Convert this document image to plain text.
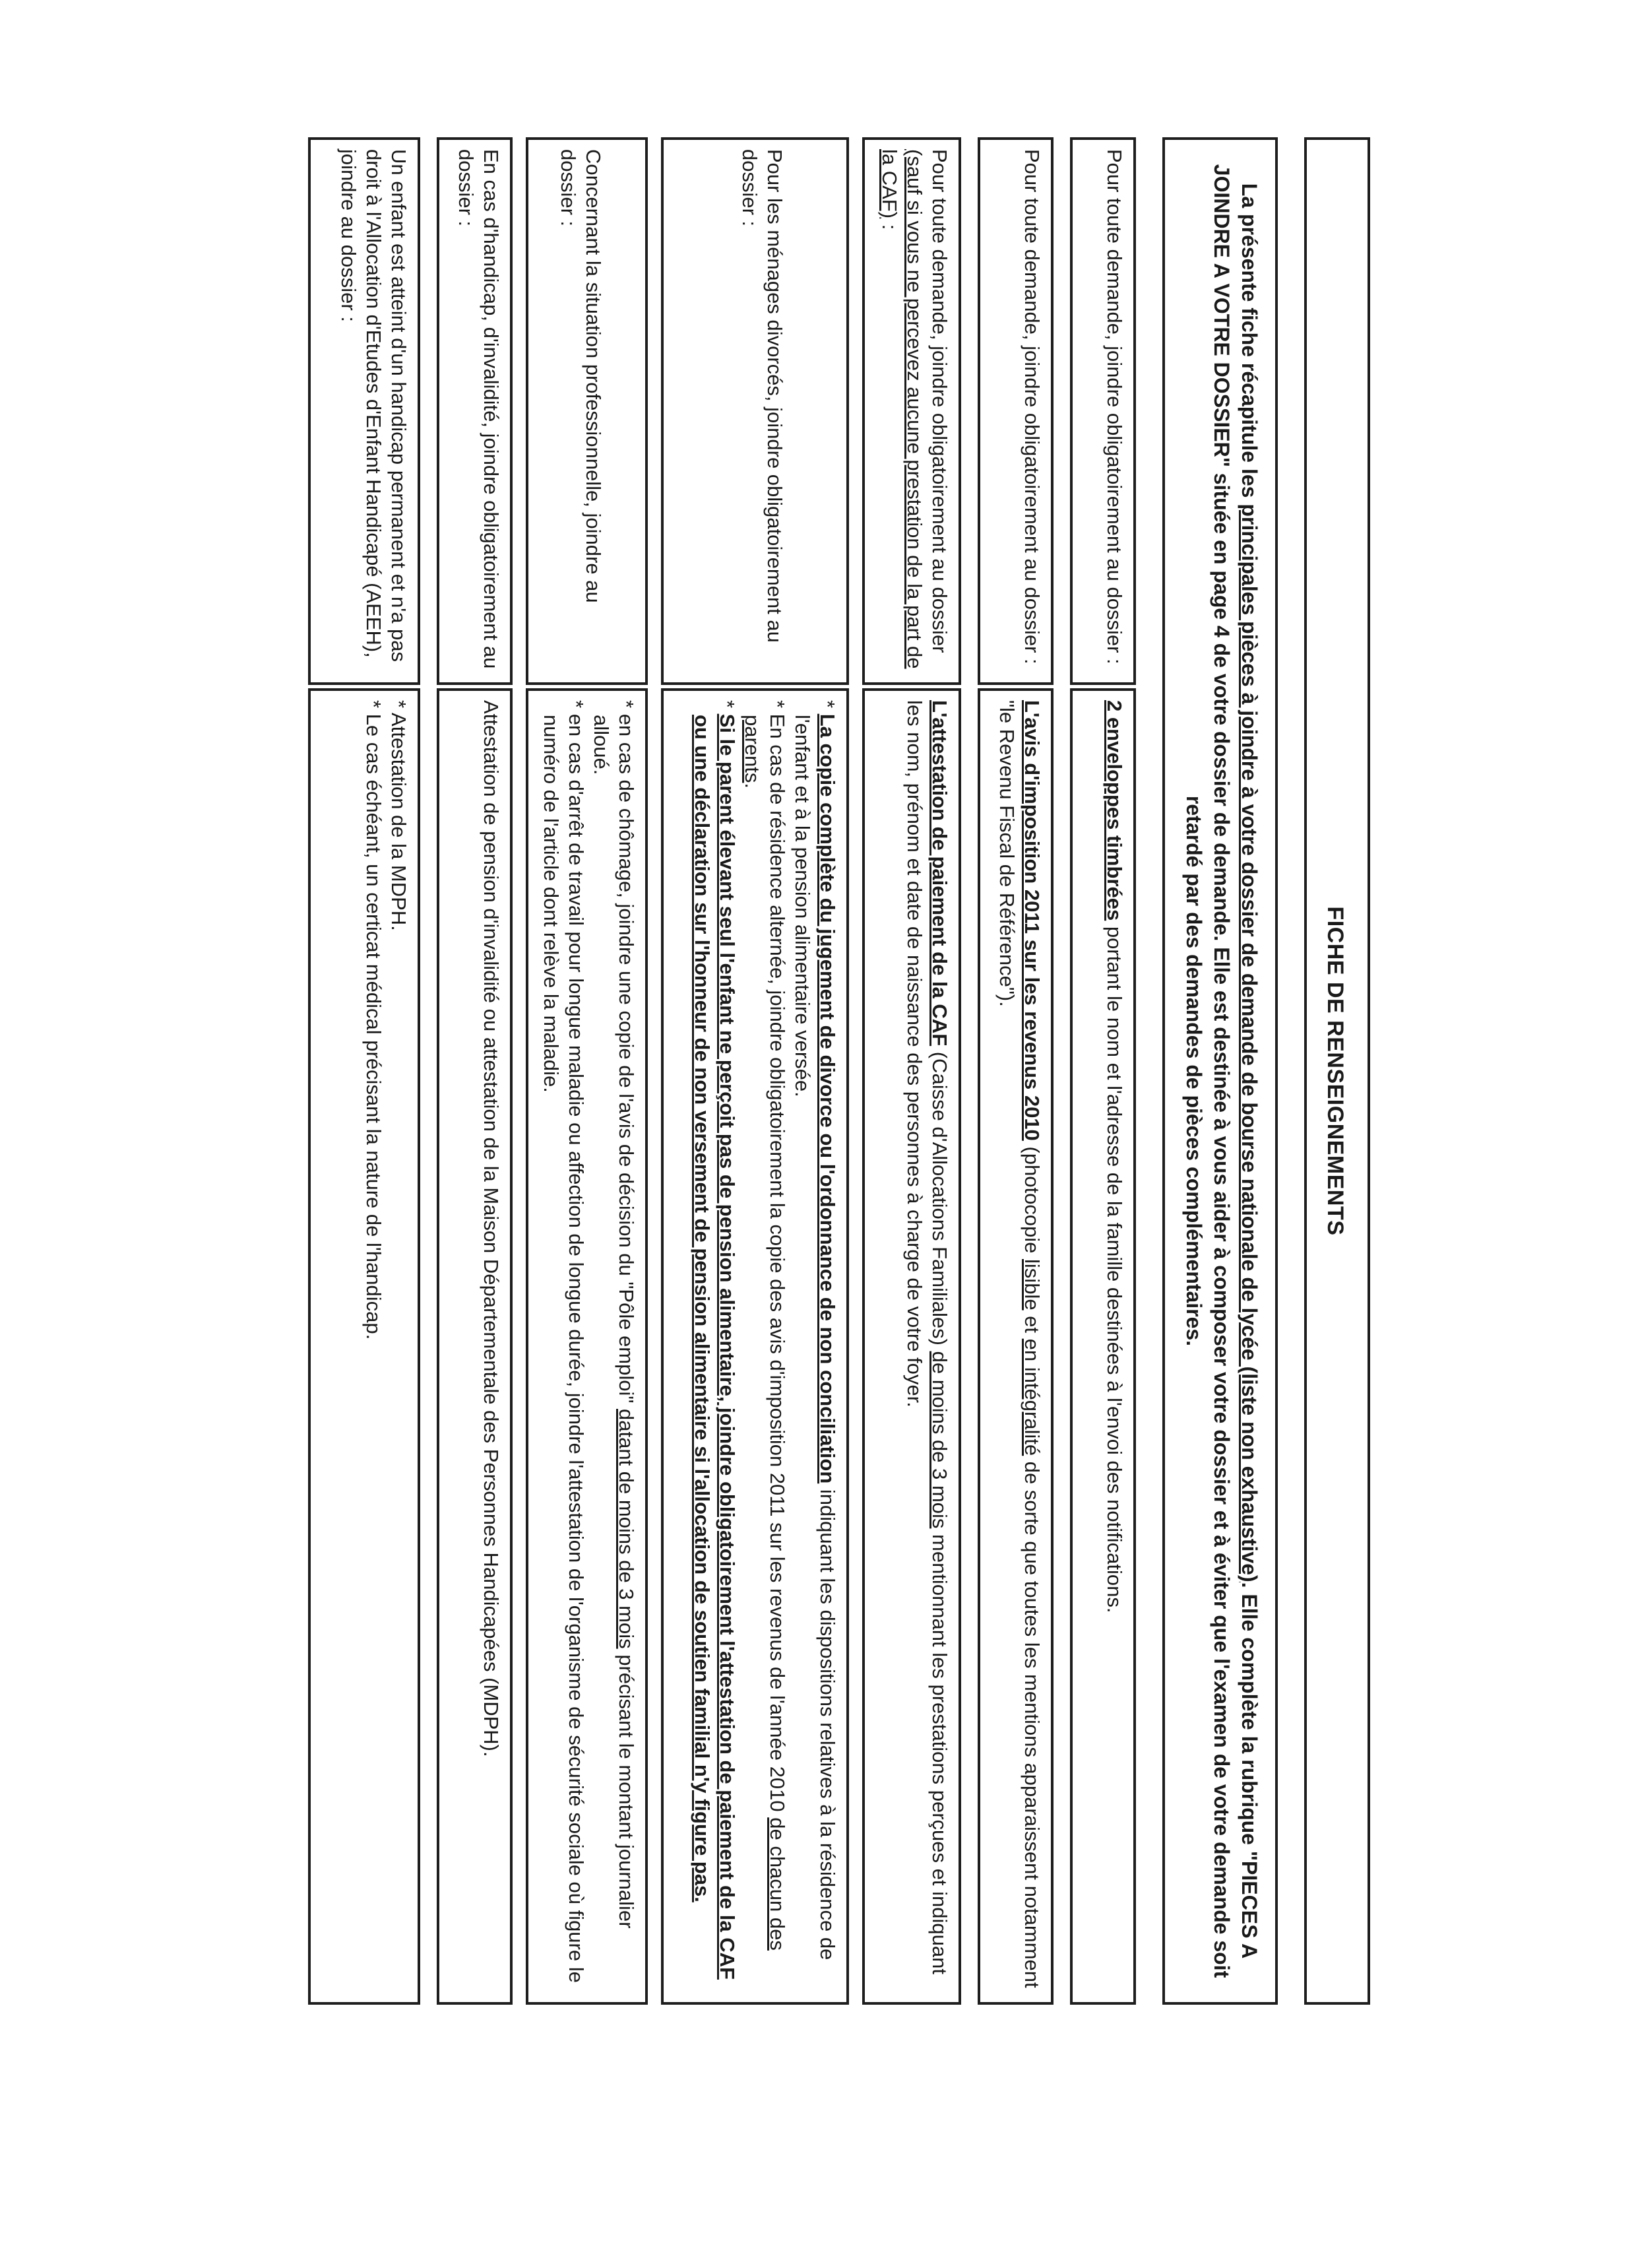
FICHE DE RENSEIGNEMENTS
La présente fiche récapitule les principales pièces à joindre à votre dossier de demande de bourse nationale de lycée (liste non exhaustive). Elle complète la rubrique "PIECES A JOINDRE A VOTRE DOSSIER" située en page 4 de votre dossier de demande. Elle est destinée à vous aider à composer votre dossier et à éviter que l'examen de votre demande soit retardé par des demandes de pièces complémentaires.

Pour toute demande, joindre obligatoirement au dossier :

2 enveloppes timbrées portant le nom et l'adresse de la famille destinées à l'envoi des notifications.

Pour toute demande, joindre obligatoirement au dossier :

L'avis d'imposition 2011 sur les revenus 2010 (photocopie lisible et en intégralité de sorte que toutes les mentions apparaissent notamment "le Revenu Fiscal de Référence").

Pour toute demande, joindre obligatoirement au dossier (sauf si vous ne percevez aucune prestation de la part de la CAF) :

L'attestation de paiement de la CAF (Caisse d'Allocations Familiales) de moins de 3 mois mentionnant les prestations perçues et indiquant les nom, prénom et date de naissance des personnes à charge de votre foyer.

Pour les ménages divorcés, joindre obligatoirement au dossier :

* La copie complète du jugement de divorce ou l'ordonnance de non conciliation indiquant les dispositions relatives à la résidence de l'enfant et à la pension alimentaire versée.

* En cas de résidence alternée, joindre obligatoirement la copie des avis d'imposition 2011 sur les revenus de l'année 2010 de chacun des parents.

* Si le parent élevant seul l'enfant ne perçoit pas de pension alimentaire, joindre obligatoirement l'attestation de paiement de la CAF ou une déclaration sur l'honneur de non versement de pension alimentaire si l'allocation de soutien familial n'y figure pas.

Concernant la situation professionnelle, joindre au dossier :

* en cas de chômage, joindre une copie de l'avis de décision du "Pôle emploi" datant de moins de 3 mois précisant le montant journalier alloué.

* en cas d'arrêt de travail pour longue maladie ou affection de longue durée, joindre l'attestation de l'organisme de sécurité sociale où figure le numéro de l'article dont relève la maladie.

En cas d'handicap, d'invalidité, joindre obligatoirement au dossier :

Attestation de pension d'invalidité ou attestation de la Maison Départementale des Personnes Handicapées (MDPH).

Un enfant est atteint d'un handicap permanent et n'a pas droit à l'Allocation d'Etudes d'Enfant Handicapé (AEEH), joindre au dossier :

* Attestation de la MDPH.

* Le cas échéant, un certicat médical précisant la nature de l'handicap.
